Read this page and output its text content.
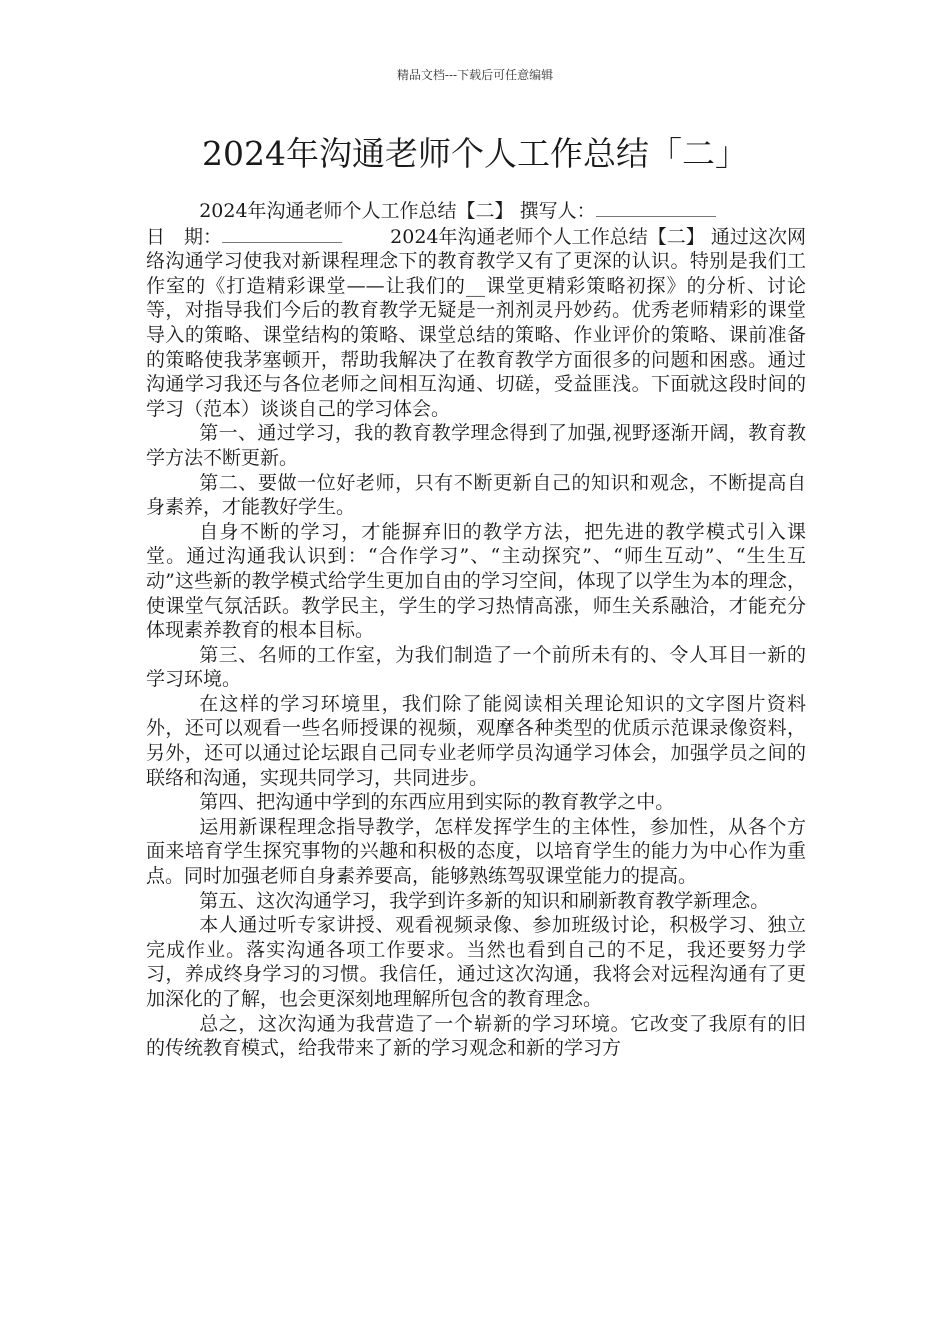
精品文档---下载后可任意编辑
2024年沟通老师个人工作总结「二」

2024年沟通老师个人工作总结【二】 撰写人：

日　期：	2024年沟通老师个人工作总结【二】 通过这次网络沟通学习使我对新课程理念下的教育教学又有了更深的认识。特别是我们工作室的《打造精彩课堂——让我们的__课堂更精彩策略初探》的分析、讨论等，对指导我们今后的教育教学无疑是一剂剂灵丹妙药。优秀老师精彩的课堂导入的策略、课堂结构的策略、课堂总结的策略、作业评价的策略、课前准备的策略使我茅塞顿开，帮助我解决了在教育教学方面很多的问题和困惑。通过沟通学习我还与各位老师之间相互沟通、切磋，受益匪浅。下面就这段时间的学习（范本）谈谈自己的学习体会。

第一、通过学习，我的教育教学理念得到了加强,视野逐渐开阔，教育教学方法不断更新。

第二、要做一位好老师，只有不断更新自己的知识和观念，不断提高自身素养，才能教好学生。

自身不断的学习，才能摒弃旧的教学方法，把先进的教学模式引入课堂。通过沟通我认识到：“合作学习”、“主动探究”、“师生互动”、“生生互动”这些新的教学模式给学生更加自由的学习空间，体现了以学生为本的理念，使课堂气氛活跃。教学民主，学生的学习热情高涨，师生关系融洽，才能充分体现素养教育的根本目标。

第三、名师的工作室，为我们制造了一个前所未有的、令人耳目一新的学习环境。

在这样的学习环境里，我们除了能阅读相关理论知识的文字图片资料外，还可以观看一些名师授课的视频，观摩各种类型的优质示范课录像资料，另外，还可以通过论坛跟自己同专业老师学员沟通学习体会，加强学员之间的联络和沟通，实现共同学习，共同进步。

第四、把沟通中学到的东西应用到实际的教育教学之中。

运用新课程理念指导教学，怎样发挥学生的主体性，参加性，从各个方面来培育学生探究事物的兴趣和积极的态度，以培育学生的能力为中心作为重点。同时加强老师自身素养要高，能够熟练驾驭课堂能力的提高。

第五、这次沟通学习，我学到许多新的知识和刷新教育教学新理念。

本人通过听专家讲授、观看视频录像、参加班级讨论，积极学习、独立完成作业。落实沟通各项工作要求。当然也看到自己的不足，我还要努力学习，养成终身学习的习惯。我信任，通过这次沟通，我将会对远程沟通有了更加深化的了解，也会更深刻地理解所包含的教育理念。

总之，这次沟通为我营造了一个崭新的学习环境。它改变了我原有的旧的传统教育模式，给我带来了新的学习观念和新的学习方
